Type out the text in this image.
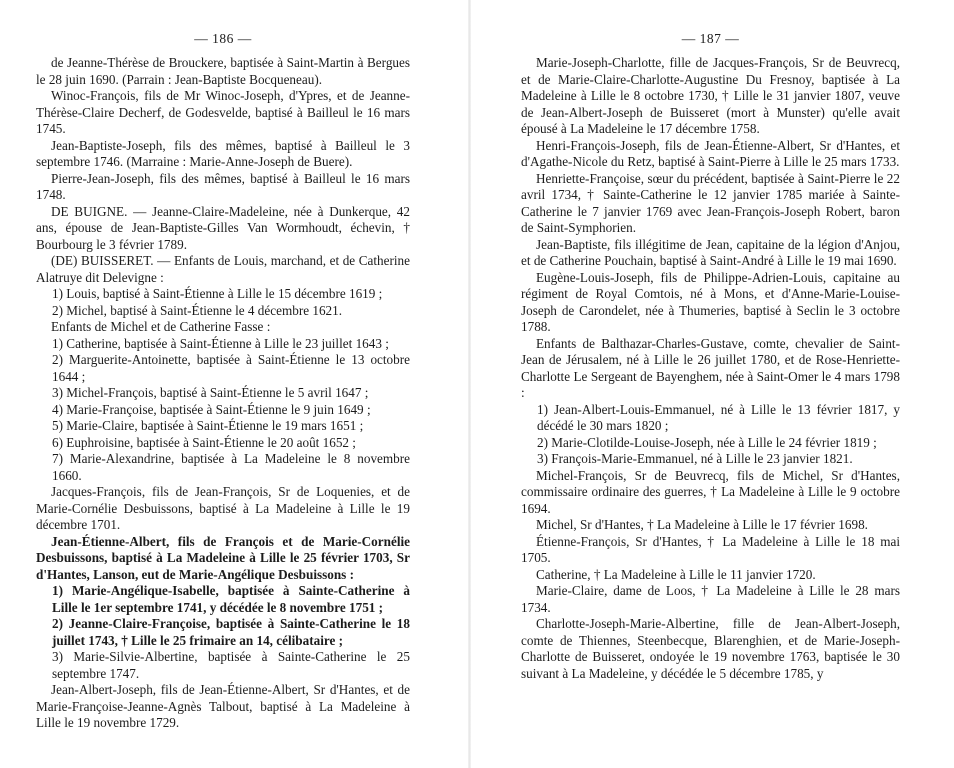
— 186 —

de Jeanne-Thérèse de Brouckere, baptisée à Saint-Martin à Bergues le 28 juin 1690. (Parrain : Jean-Baptiste Bocqueneau).

Winoc-François, fils de Mr Winoc-Joseph, d'Ypres, et de Jeanne-Thérèse-Claire Decherf, de Godesvelde, baptisé à Bailleul le 16 mars 1745.

Jean-Baptiste-Joseph, fils des mêmes, baptisé à Bailleul le 3 septembre 1746. (Marraine : Marie-Anne-Joseph de Buere).

Pierre-Jean-Joseph, fils des mêmes, baptisé à Bailleul le 16 mars 1748.

DE BUIGNE. — Jeanne-Claire-Madeleine, née à Dunkerque, 42 ans, épouse de Jean-Baptiste-Gilles Van Wormhoudt, échevin, † Bourbourg le 3 février 1789.

(DE) BUISSERET. — Enfants de Louis, marchand, et de Catherine Alatruye dit Delevigne :

1) Louis, baptisé à Saint-Étienne à Lille le 15 décembre 1619 ;

2) Michel, baptisé à Saint-Étienne le 4 décembre 1621.

Enfants de Michel et de Catherine Fasse :

1) Catherine, baptisée à Saint-Étienne à Lille le 23 juillet 1643 ;

2) Marguerite-Antoinette, baptisée à Saint-Étienne le 13 octobre 1644 ;

3) Michel-François, baptisé à Saint-Étienne le 5 avril 1647 ;

4) Marie-Françoise, baptisée à Saint-Étienne le 9 juin 1649 ;

5) Marie-Claire, baptisée à Saint-Étienne le 19 mars 1651 ;

6) Euphroisine, baptisée à Saint-Étienne le 20 août 1652 ;

7) Marie-Alexandrine, baptisée à La Madeleine le 8 novembre 1660.

Jacques-François, fils de Jean-François, Sr de Loquenies, et de Marie-Cornélie Desbuissons, baptisé à La Madeleine à Lille le 19 décembre 1701.

Jean-Étienne-Albert, fils de François et de Marie-Cornélie Desbuissons, baptisé à La Madeleine à Lille le 25 février 1703, Sr d'Hantes, Lanson, eut de Marie-Angélique Desbuissons :

1) Marie-Angélique-Isabelle, baptisée à Sainte-Catherine à Lille le 1er septembre 1741, y décédée le 8 novembre 1751 ;

2) Jeanne-Claire-Françoise, baptisée à Sainte-Catherine le 18 juillet 1743, † Lille le 25 frimaire an 14, célibataire ;

3) Marie-Silvie-Albertine, baptisée à Sainte-Catherine le 25 septembre 1747.

Jean-Albert-Joseph, fils de Jean-Étienne-Albert, Sr d'Hantes, et de Marie-Françoise-Jeanne-Agnès Talbout, baptisé à La Madeleine à Lille le 19 novembre 1729.

— 187 —

Marie-Joseph-Charlotte, fille de Jacques-François, Sr de Beuvrecq, et de Marie-Claire-Charlotte-Augustine Du Fresnoy, baptisée à La Madeleine à Lille le 8 octobre 1730, † Lille le 31 janvier 1807, veuve de Jean-Albert-Joseph de Buisseret (mort à Munster) qu'elle avait épousé à La Madeleine le 17 décembre 1758.

Henri-François-Joseph, fils de Jean-Étienne-Albert, Sr d'Hantes, et d'Agathe-Nicole du Retz, baptisé à Saint-Pierre à Lille le 25 mars 1733.

Henriette-Françoise, sœur du précédent, baptisée à Saint-Pierre le 22 avril 1734, † Sainte-Catherine le 12 janvier 1785 mariée à Sainte-Catherine le 7 janvier 1769 avec Jean-François-Joseph Robert, baron de Saint-Symphorien.

Jean-Baptiste, fils illégitime de Jean, capitaine de la légion d'Anjou, et de Catherine Pouchain, baptisé à Saint-André à Lille le 19 mai 1690.

Eugène-Louis-Joseph, fils de Philippe-Adrien-Louis, capitaine au régiment de Royal Comtois, né à Mons, et d'Anne-Marie-Louise-Joseph de Carondelet, née à Thumeries, baptisé à Seclin le 3 octobre 1788.

Enfants de Balthazar-Charles-Gustave, comte, chevalier de Saint-Jean de Jérusalem, né à Lille le 26 juillet 1780, et de Rose-Henriette-Charlotte Le Sergeant de Bayenghem, née à Saint-Omer le 4 mars 1798 :

1) Jean-Albert-Louis-Emmanuel, né à Lille le 13 février 1817, y décédé le 30 mars 1820 ;

2) Marie-Clotilde-Louise-Joseph, née à Lille le 24 février 1819 ;

3) François-Marie-Emmanuel, né à Lille le 23 janvier 1821.

Michel-François, Sr de Beuvrecq, fils de Michel, Sr d'Hantes, commissaire ordinaire des guerres, † La Madeleine à Lille le 9 octobre 1694.

Michel, Sr d'Hantes, † La Madeleine à Lille le 17 février 1698.

Étienne-François, Sr d'Hantes, † La Madeleine à Lille le 18 mai 1705.

Catherine, † La Madeleine à Lille le 11 janvier 1720.

Marie-Claire, dame de Loos, † La Madeleine à Lille le 28 mars 1734.

Charlotte-Joseph-Marie-Albertine, fille de Jean-Albert-Joseph, comte de Thiennes, Steenbecque, Blarenghien, et de Marie-Joseph-Charlotte de Buisseret, ondoyée le 19 novembre 1763, baptisée le 30 suivant à La Madeleine, y décédée le 5 décembre 1785, y
